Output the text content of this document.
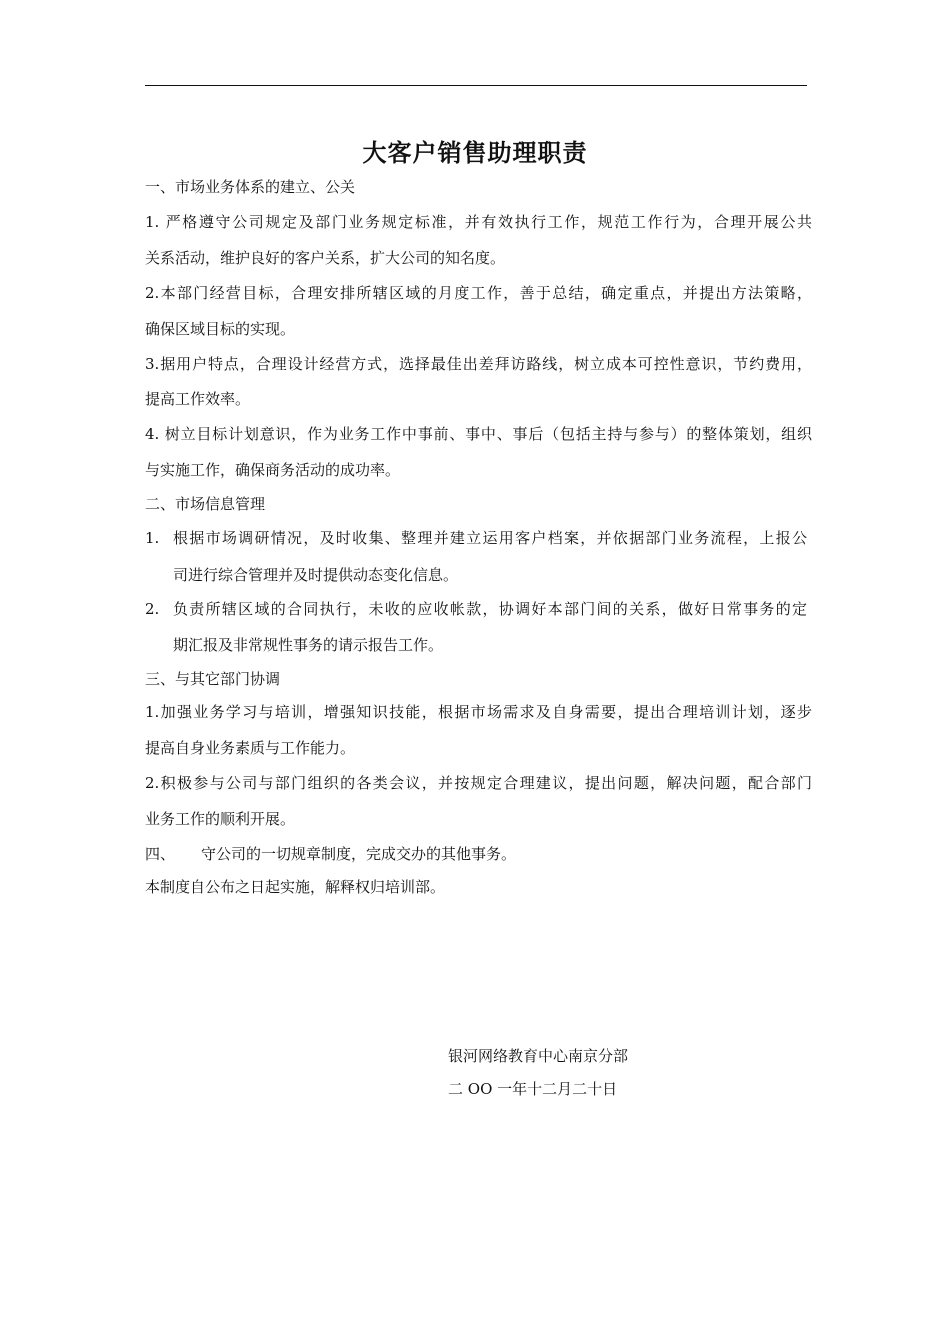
大客户销售助理职责
一、市场业务体系的建立、公关
1. 严格遵守公司规定及部门业务规定标准，并有效执行工作，规范工作行为，合理开展公共
关系活动，维护良好的客户关系，扩大公司的知名度。
2.本部门经营目标，合理安排所辖区域的月度工作，善于总结，确定重点，并提出方法策略，
确保区域目标的实现。
3.据用户特点，合理设计经营方式，选择最佳出差拜访路线，树立成本可控性意识，节约费用，
提高工作效率。
4. 树立目标计划意识，作为业务工作中事前、事中、事后（包括主持与参与）的整体策划，组织
与实施工作，确保商务活动的成功率。
二、市场信息管理
1. 根据市场调研情况，及时收集、整理并建立运用客户档案，并依据部门业务流程，上报公
司进行综合管理并及时提供动态变化信息。
2. 负责所辖区域的合同执行，未收的应收帐款，协调好本部门间的关系，做好日常事务的定
期汇报及非常规性事务的请示报告工作。
三、与其它部门协调
1.加强业务学习与培训，增强知识技能，根据市场需求及自身需要，提出合理培训计划，逐步
提高自身业务素质与工作能力。
2.积极参与公司与部门组织的各类会议，并按规定合理建议，提出问题，解决问题，配合部门
业务工作的顺利开展。
四、 守公司的一切规章制度，完成交办的其他事务。
本制度自公布之日起实施，解释权归培训部。
银河网络教育中心南京分部
二 OO 一年十二月二十日
